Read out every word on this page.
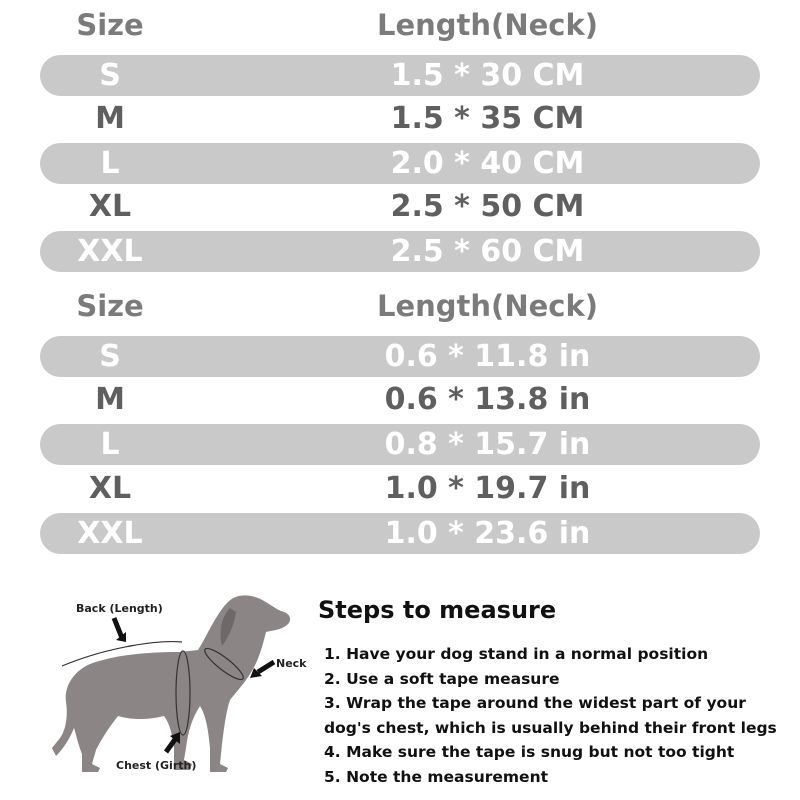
Size	Length(Neck)
S	1.5 * 30 CM
M	1.5 * 35 CM
L	2.0 * 40 CM
XL	2.5 * 50 CM
XXL	2.5 * 60 CM
Size	Length(Neck)
S	0.6 * 11.8 in
M	0.6 * 13.8 in
L	0.8 * 15.7 in
XL	1.0 * 19.7 in
XXL	1.0 * 23.6 in
Back (Length)
Neck
Chest (Girth)
Steps to measure
1. Have your dog stand in a normal position
2. Use a soft tape measure
3. Wrap the tape around the widest part of your
dog's chest, which is usually behind their front legs
4. Make sure the tape is snug but not too tight
5. Note the measurement
